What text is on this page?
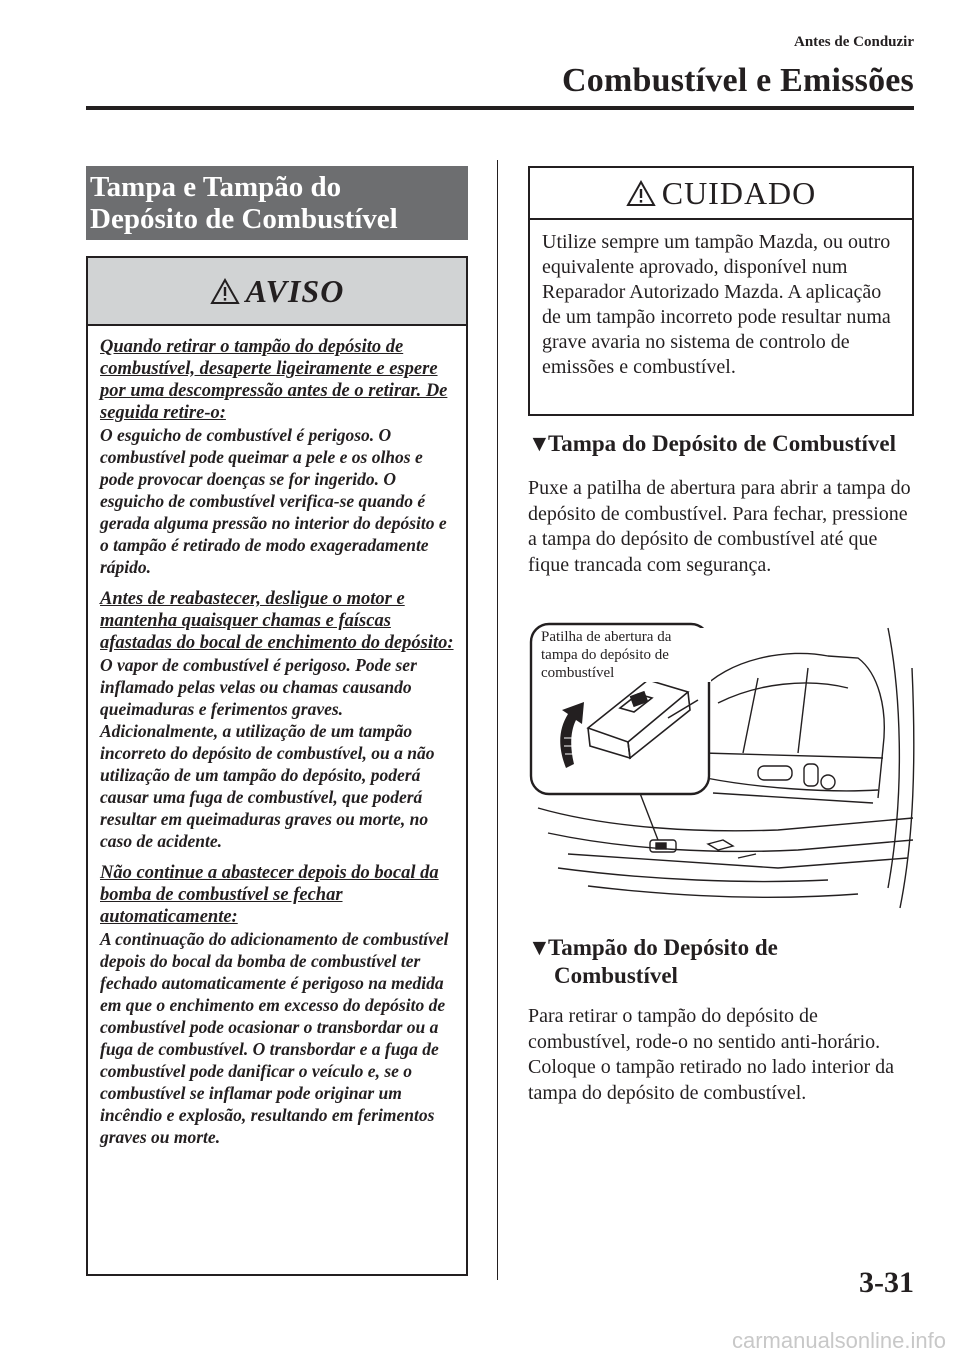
Antes de Conduzir
Combustível e Emissões
Tampa e Tampão do
Depósito de Combustível
AVISO

Quando retirar o tampão do depósito de combustível, desaperte ligeiramente e espere por uma descompressão antes de o retirar. De seguida retire-o:

O esguicho de combustível é perigoso. O combustível pode queimar a pele e os olhos e pode provocar doenças se for ingerido. O esguicho de combustível verifica-se quando é gerada alguma pressão no interior do depósito e o tampão é retirado de modo exageradamente rápido.

Antes de reabastecer, desligue o motor e mantenha quaisquer chamas e faíscas afastadas do bocal de enchimento do depósito:

O vapor de combustível é perigoso. Pode ser inflamado pelas velas ou chamas causando queimaduras e ferimentos graves. Adicionalmente, a utilização de um tampão incorreto do depósito de combustível, ou a não utilização de um tampão do depósito, poderá causar uma fuga de combustível, que poderá resultar em queimaduras graves ou morte, no caso de acidente.

Não continue a abastecer depois do bocal da bomba de combustível se fechar automaticamente:

A continuação do adicionamento de combustível depois do bocal da bomba de combustível ter fechado automaticamente é perigoso na medida em que o enchimento em excesso do depósito de combustível pode ocasionar o transbordar ou a fuga de combustível. O transbordar e a fuga de combustível pode danificar o veículo e, se o combustível se inflamar pode originar um incêndio e explosão, resultando em ferimentos graves ou morte.

CUIDADO
Utilize sempre um tampão Mazda, ou outro equivalente aprovado, disponível num Reparador Autorizado Mazda. A aplicação de um tampão incorreto pode resultar numa grave avaria no sistema de controlo de emissões e combustível.
▼Tampa do Depósito de Combustível
Puxe a patilha de abertura para abrir a tampa do depósito de combustível. Para fechar, pressione a tampa do depósito de combustível até que fique trancada com segurança.
Patilha de abertura da tampa do depósito de combustível
▼Tampão do Depósito de
Combustível
Para retirar o tampão do depósito de combustível, rode-o no sentido anti-horário. Coloque o tampão retirado no lado interior da tampa do depósito de combustível.
3-31
carmanualsonline.info
